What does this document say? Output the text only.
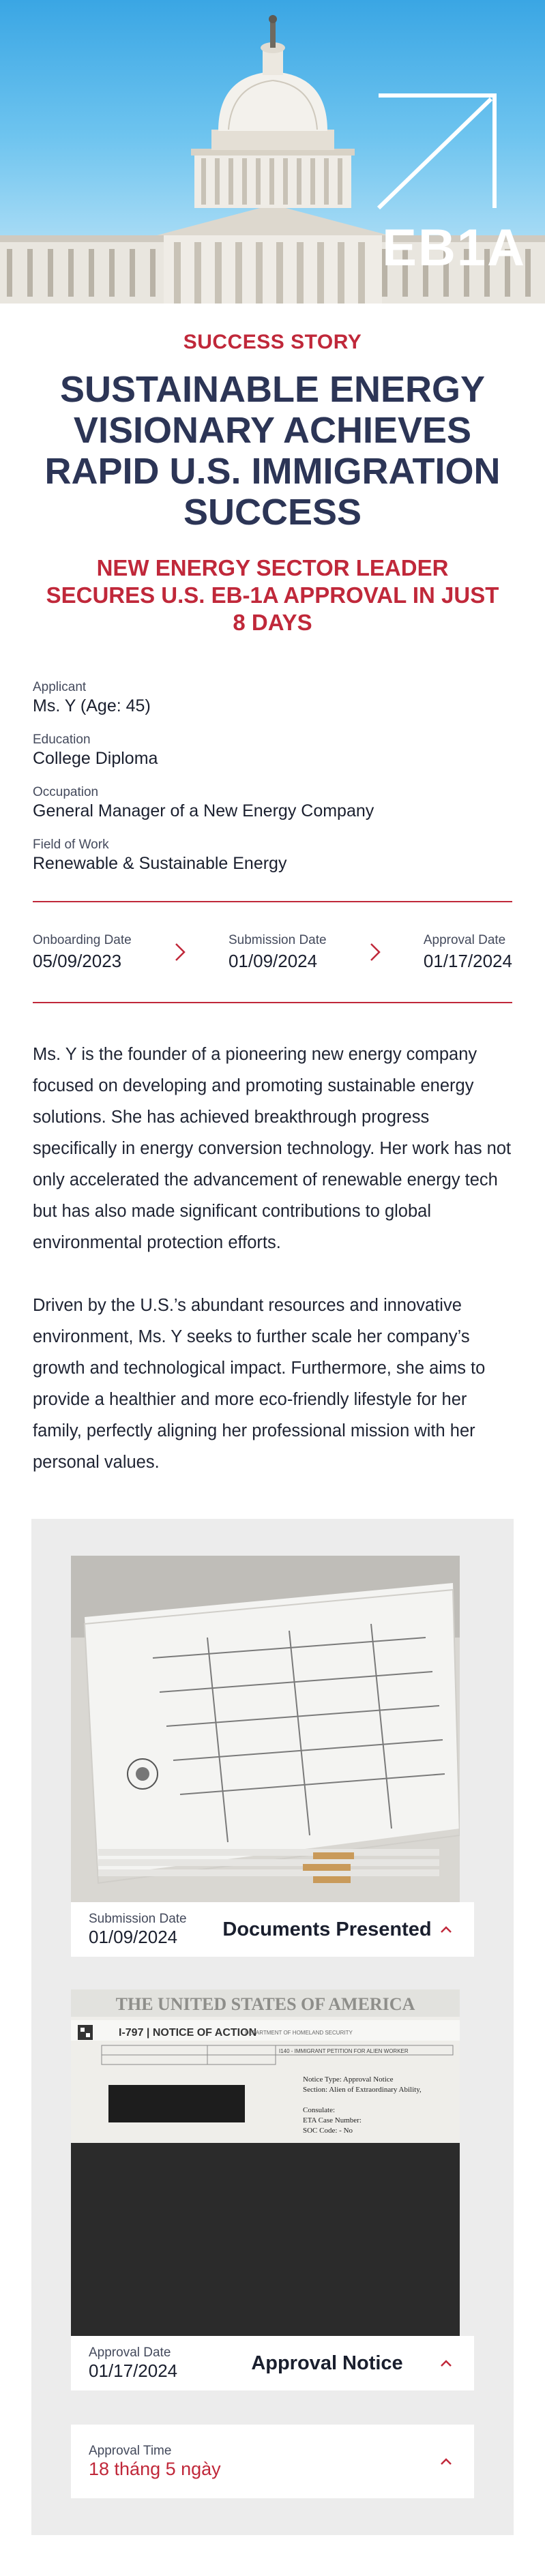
EB1A
SUCCESS STORY
SUSTAINABLE ENERGY VISIONARY ACHIEVES RAPID U.S. IMMIGRATION SUCCESS
NEW ENERGY SECTOR LEADER SECURES U.S. EB-1A APPROVAL IN JUST 8 DAYS
Applicant
Ms. Y (Age: 45)
Education
College Diploma
Occupation
General Manager of a New Energy Company
Field of Work
Renewable & Sustainable Energy
Onboarding Date
05/09/2023
Submission Date
01/09/2024
Approval Date
01/17/2024

Ms. Y is the founder of a pioneering new energy company focused on developing and promoting sustainable energy solutions. She has achieved breakthrough progress specifically in energy conversion technology. Her work has not only accelerated the advancement of renewable energy tech but has also made significant contributions to global environmental protection efforts.

Driven by the U.S.’s abundant resources and innovative environment, Ms. Y seeks to further scale her company’s growth and technological impact. Furthermore, she aims to provide a healthier and more eco-friendly lifestyle for her family, perfectly aligning her professional mission with her personal values.

Submission Date
01/09/2024	Documents Presented
THE UNITED STATES OF AMERICA
I-797 | NOTICE OF ACTION
DEPARTMENT OF HOMELAND SECURITY
I140 - IMMIGRANT PETITION FOR ALIEN WORKER
Notice Type: Approval Notice
Section: Alien of Extraordinary Ability,
Consulate:
ETA Case Number:
SOC Code: - No
Approval Date
01/17/2024	Approval Notice
Approval Time
18 tháng 5 ngày
